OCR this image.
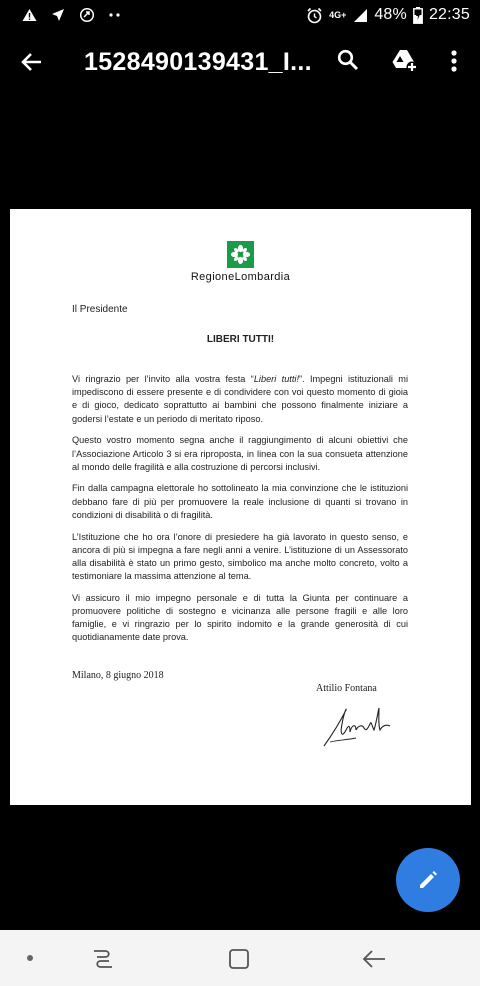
4G+ 48% 22:35
1528490139431_I...
RegioneLombardia
Il Presidente
LIBERI TUTTI!

Vi ringrazio per l’invito alla vostra festa “Liberi tutti!”. Impegni istituzionali mi impediscono di essere presente e di condividere con voi questo momento di gioia e di gioco, dedicato soprattutto ai bambini che possono finalmente iniziare a godersi l’estate e un periodo di meritato riposo.

Questo vostro momento segna anche il raggiungimento di alcuni obiettivi che l’Associazione Articolo 3 si era riproposta, in linea con la sua consueta attenzione al mondo delle fragilità e alla costruzione di percorsi inclusivi.

Fin dalla campagna elettorale ho sottolineato la mia convinzione che le istituzioni debbano fare di più per promuovere la reale inclusione di quanti si trovano in condizioni di disabilità o di fragilità.

L’Istituzione che ho ora l’onore di presiedere ha già lavorato in questo senso, e ancora di più si impegna a fare negli anni a venire. L’istituzione di un Assessorato alla disabilità è stato un primo gesto, simbolico ma anche molto concreto, volto a testimoniare la massima attenzione al tema.

Vi assicuro il mio impegno personale e di tutta la Giunta per continuare a promuovere politiche di sostegno e vicinanza alle persone fragili e alle loro famiglie, e vi ringrazio per lo spirito indomito e la grande generosità di cui quotidianamente date prova.

Milano, 8 giugno 2018
Attilio Fontana
